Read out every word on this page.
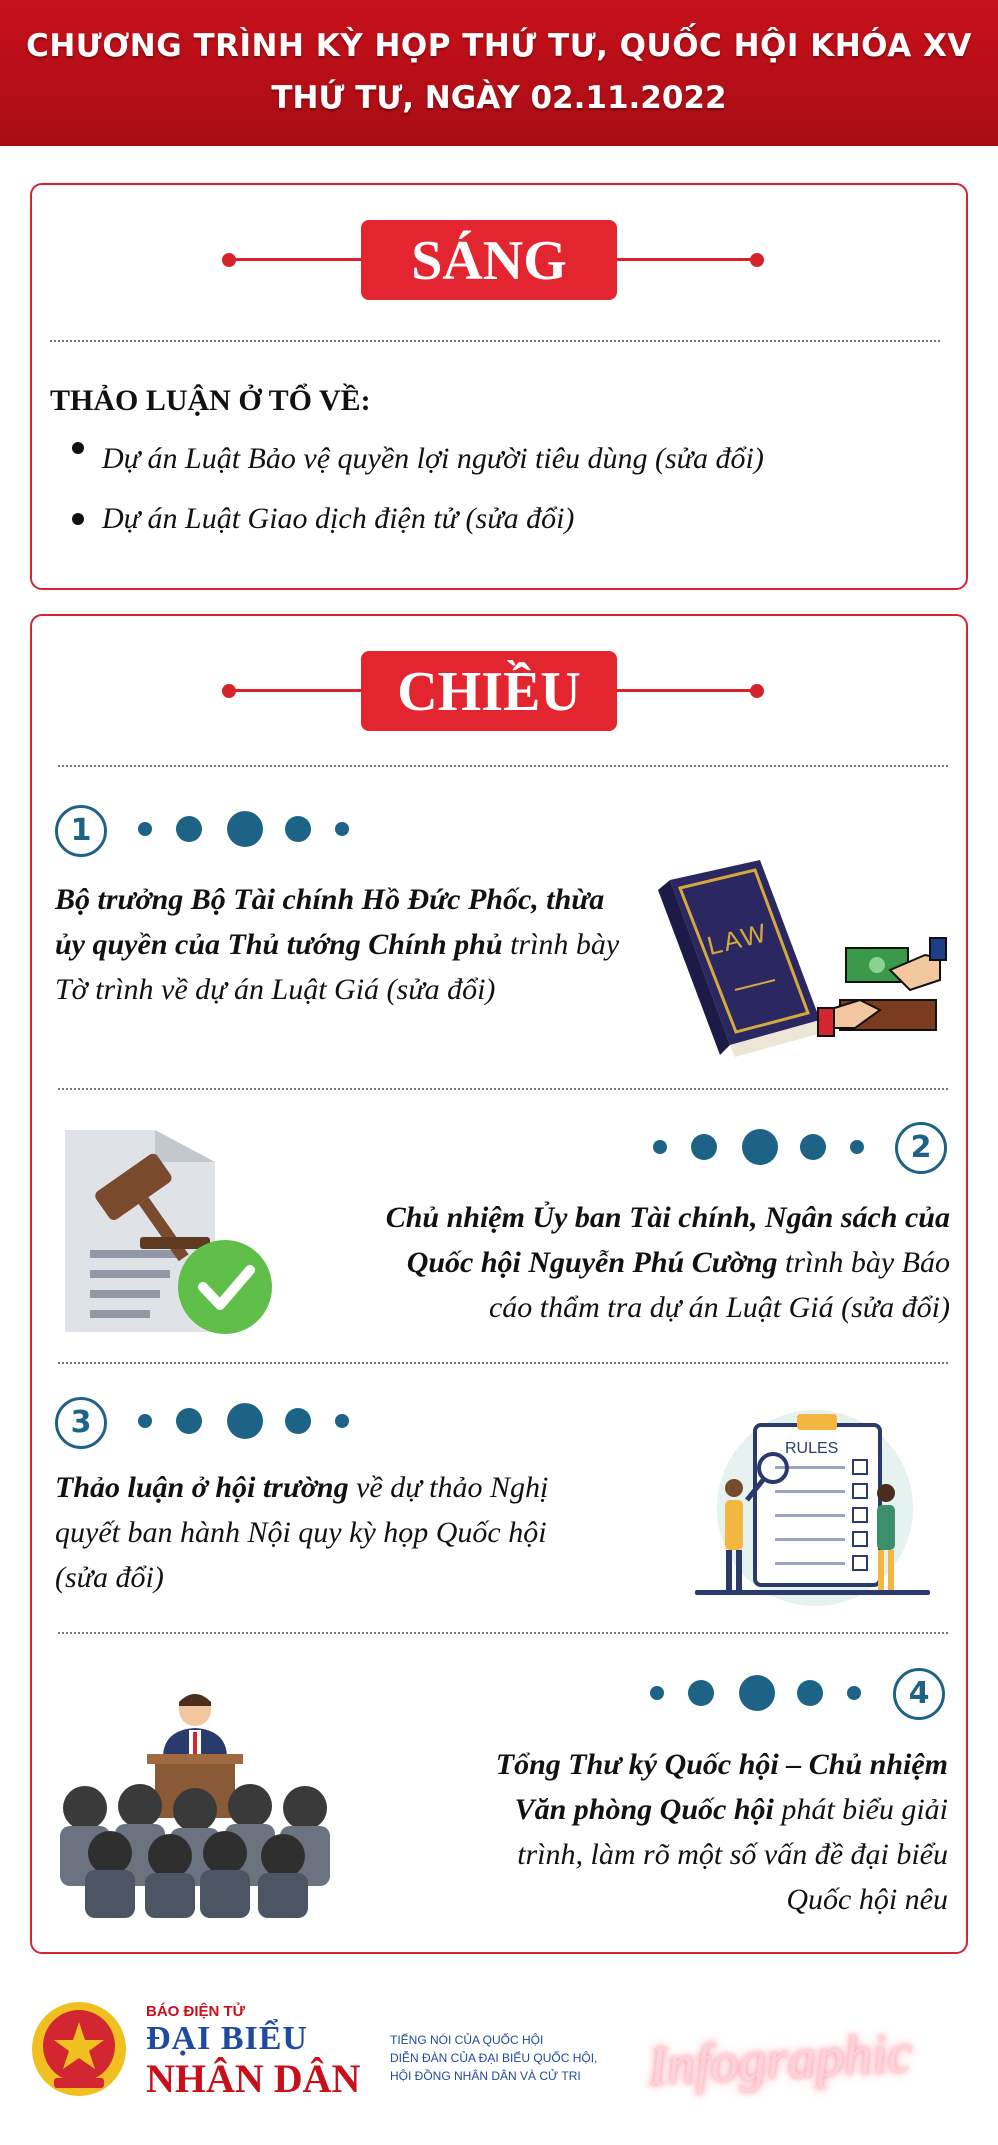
CHƯƠNG TRÌNH KỲ HỌP THỨ TƯ, QUỐC HỘI KHÓA XV
THỨ TƯ, NGÀY 02.11.2022
SÁNG
THẢO LUẬN Ở TỔ VỀ:
Dự án Luật Bảo vệ quyền lợi người tiêu dùng (sửa đổi)
Dự án Luật Giao dịch điện tử (sửa đổi)
CHIỀU
1
Bộ trưởng Bộ Tài chính Hồ Đức Phốc, thừa ủy quyền của Thủ tướng Chính phủ trình bày Tờ trình về dự án Luật Giá (sửa đổi)
LAW
2
Chủ nhiệm Ủy ban Tài chính, Ngân sách của Quốc hội Nguyễn Phú Cường trình bày Báo cáo thẩm tra dự án Luật Giá (sửa đổi)
3
Thảo luận ở hội trường về dự thảo Nghị quyết ban hành Nội quy kỳ họp Quốc hội (sửa đổi)
RULES
4
Tổng Thư ký Quốc hội – Chủ nhiệm Văn phòng Quốc hội phát biểu giải trình, làm rõ một số vấn đề đại biểu Quốc hội nêu
BÁO ĐIỆN TỬ
ĐẠI BIỂU
NHÂN DÂN
TIẾNG NÓI CỦA QUỐC HỘI
DIỄN ĐÀN CỦA ĐẠI BIỂU QUỐC HỘI,
HỘI ĐỒNG NHÂN DÂN VÀ CỬ TRI Infographic
